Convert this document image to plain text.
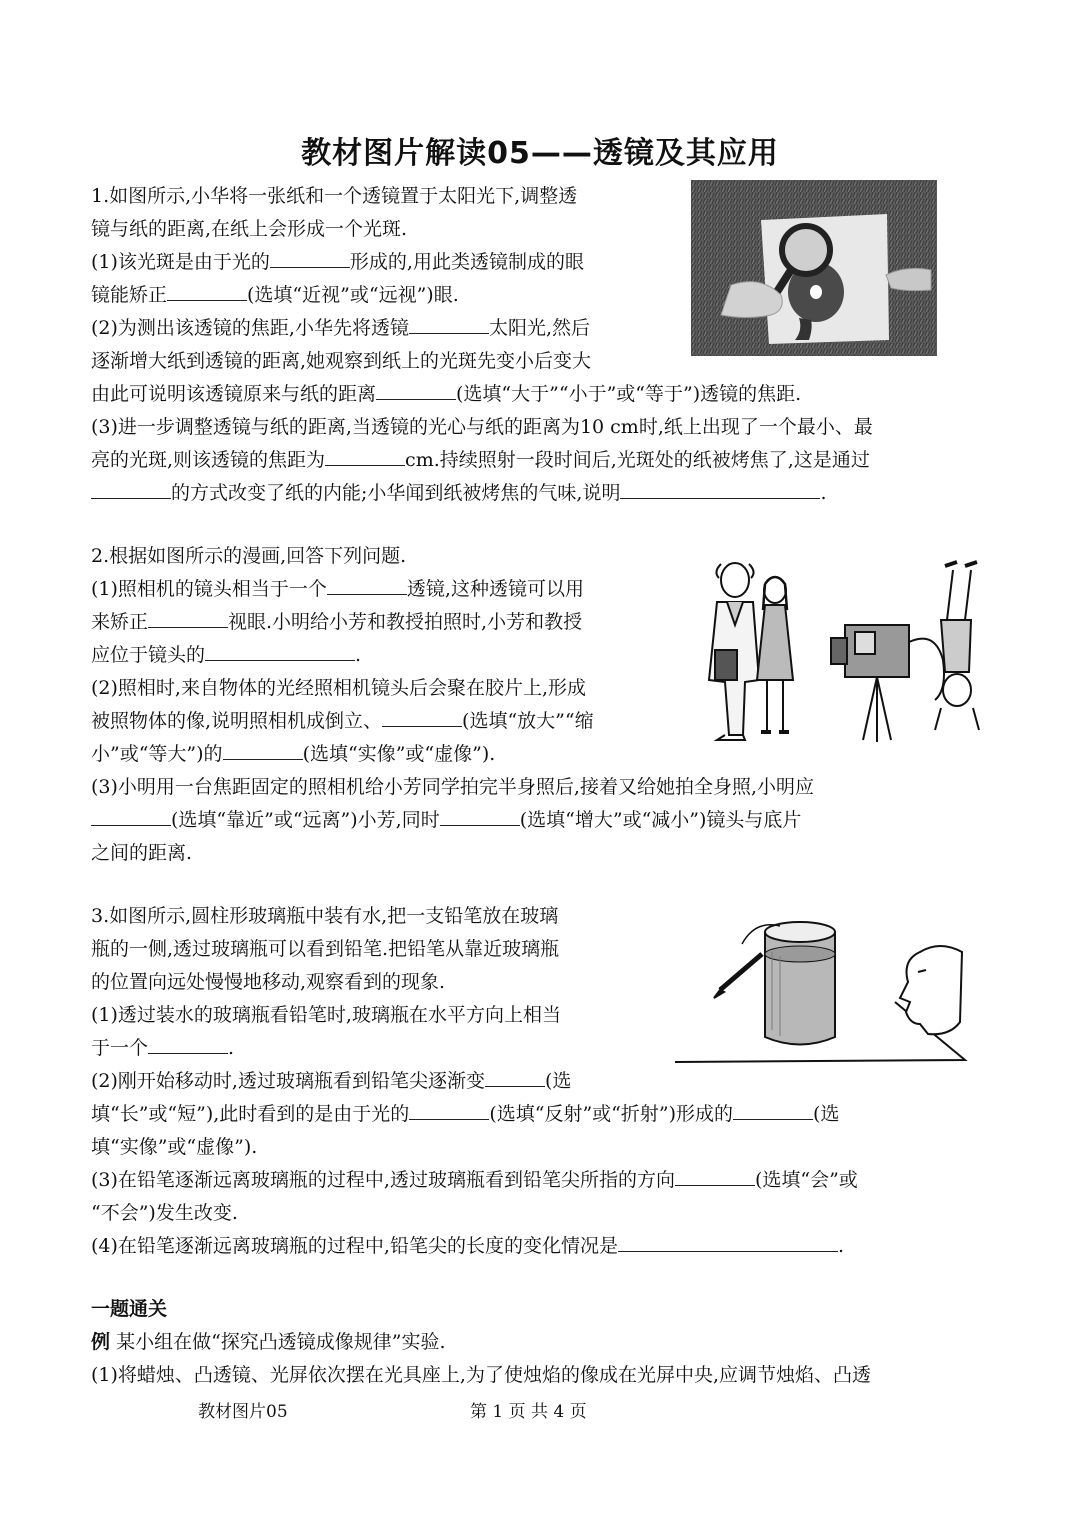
教材图片解读05——透镜及其应用
1.如图所示,小华将一张纸和一个透镜置于太阳光下,调整透
镜与纸的距离,在纸上会形成一个光斑.
(1)该光斑是由于光的	形成的,用此类透镜制成的眼
镜能矫正	(选填“近视”或“远视”)眼.
(2)为测出该透镜的焦距,小华先将透镜	太阳光,然后
逐渐增大纸到透镜的距离,她观察到纸上的光斑先变小后变大
由此可说明该透镜原来与纸的距离	(选填“大于”“小于”或“等于”)透镜的焦距.
(3)进一步调整透镜与纸的距离,当透镜的光心与纸的距离为10 cm时,纸上出现了一个最小、最
亮的光斑,则该透镜的焦距为	cm.持续照射一段时间后,光斑处的纸被烤焦了,这是通过
的方式改变了纸的内能;小华闻到纸被烤焦的气味,说明	.
2.根据如图所示的漫画,回答下列问题.
(1)照相机的镜头相当于一个	透镜,这种透镜可以用
来矫正	视眼.小明给小芳和教授拍照时,小芳和教授
应位于镜头的	.
(2)照相时,来自物体的光经照相机镜头后会聚在胶片上,形成
被照物体的像,说明照相机成倒立、	(选填“放大”“缩
小”或“等大”)的	(选填“实像”或“虚像”).
(3)小明用一台焦距固定的照相机给小芳同学拍完半身照后,接着又给她拍全身照,小明应
(选填“靠近”或“远离”)小芳,同时	(选填“增大”或“减小”)镜头与底片
之间的距离.
3.如图所示,圆柱形玻璃瓶中装有水,把一支铅笔放在玻璃
瓶的一侧,透过玻璃瓶可以看到铅笔.把铅笔从靠近玻璃瓶
的位置向远处慢慢地移动,观察看到的现象.
(1)透过装水的玻璃瓶看铅笔时,玻璃瓶在水平方向上相当
于一个	.
(2)刚开始移动时,透过玻璃瓶看到铅笔尖逐渐变	(选
填“长”或“短”),此时看到的是由于光的	(选填“反射”或“折射”)形成的	(选
填“实像”或“虚像”).
(3)在铅笔逐渐远离玻璃瓶的过程中,透过玻璃瓶看到铅笔尖所指的方向	(选填“会”或
“不会”)发生改变.
(4)在铅笔逐渐远离玻璃瓶的过程中,铅笔尖的长度的变化情况是	.
一题通关
例 某小组在做“探究凸透镜成像规律”实验.
(1)将蜡烛、凸透镜、光屏依次摆在光具座上,为了使烛焰的像成在光屏中央,应调节烛焰、凸透
教材图片05	第 1 页 共 4 页
